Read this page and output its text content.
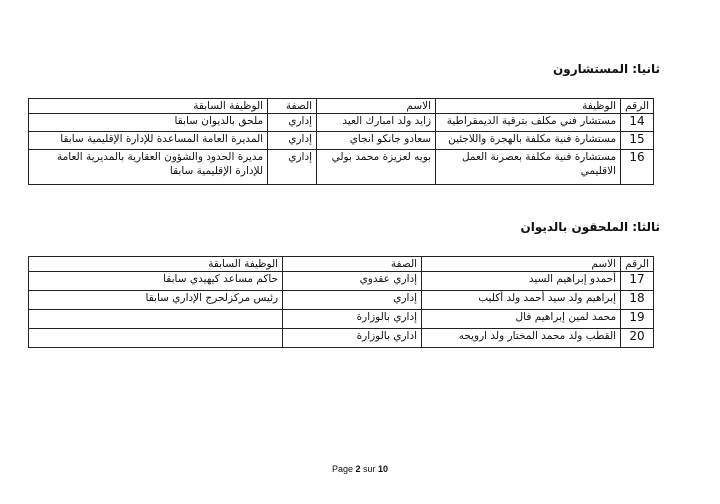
ثانيا: المستشارون
الرقم	الوظيفة	الاسم	الصفة	الوظيفة السابقة
14	مستشار فني مكلف بترقية الديمقراطية	زايد ولد امبارك العيد	إداري	ملحق بالديوان سابقا
15	مستشارة فنية مكلفة بالهجرة واللاجئين	سعادو جانكو انجاي	إداري	المديرة العامة المساعدة للإدارة الإقليمية سابقا
16	مستشارة فنية مكلفة بعصرنة العمل الاقليمي	بويه لعزيزة محمد بولي	إداري	مديرة الحدود والشؤون العقارية بالمديرية العامة للإدارة الإقليمية سابقا
ثالثا: الملحقون بالديوان
الرقم	الاسم	الصفة	الوظيفة السابقة
17	أحمدو إبراهيم السيد	إداري عقدوي	حاكم مساعد كيهيدي سابقا
18	إبراهيم ولد سيد أحمد ولد أكليب	إداري	رئيس مركزلحرج الإداري سابقا
19	محمد لمين إبراهيم فال	إداري بالوزارة	
20	القطب ولد محمد المختار ولد ارويحه	اداري بالوزارة	
Page 2 sur 10
